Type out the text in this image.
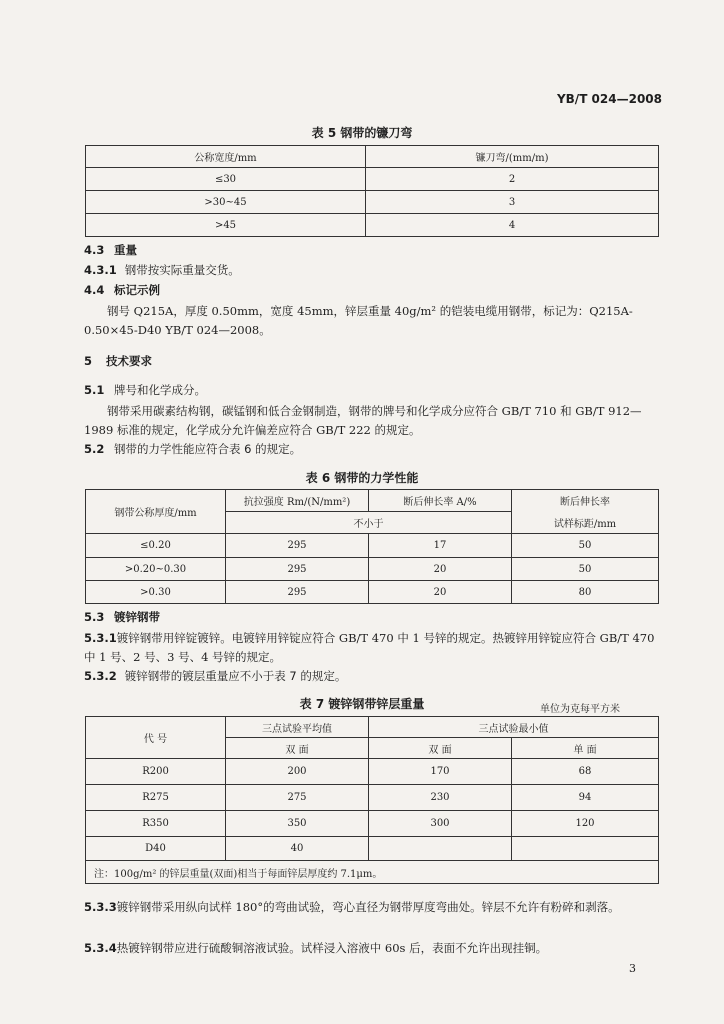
YB/T 024—2008
表 5 钢带的镰刀弯
公称宽度/mm	镰刀弯/(mm/m)
≤30	2
>30~45	3
>45	4
4.3 重量
4.3.1 钢带按实际重量交货。
4.4 标记示例
钢号 Q215A，厚度 0.50mm，宽度 45mm，锌层重量 40g/m² 的铠装电缆用钢带，标记为：Q215A-0.50×45-D40 YB/T 024—2008。
5 技术要求
5.1 牌号和化学成分。
钢带采用碳素结构钢，碳锰钢和低合金钢制造，钢带的牌号和化学成分应符合 GB/T 710 和 GB/T 912—1989 标准的规定，化学成分允许偏差应符合 GB/T 222 的规定。
5.2 钢带的力学性能应符合表 6 的规定。
表 6 钢带的力学性能
钢带公称厚度/mm	抗拉强度 Rm/(N/mm²)	断后伸长率 A/%	断后伸长率
	不小于		试样标距/mm
≤0.20	295	17	50
>0.20~0.30	295	20	50
>0.30	295	20	80
5.3 镀锌钢带
5.3.1镀锌钢带用锌锭镀锌。电镀锌用锌锭应符合 GB/T 470 中 1 号锌的规定。热镀锌用锌锭应符合 GB/T 470 中 1 号、2 号、3 号、4 号锌的规定。
5.3.2 镀锌钢带的镀层重量应不小于表 7 的规定。
表 7 镀锌钢带锌层重量	单位为克每平方米
代 号	三点试验平均值	三点试验最小值	
	双 面	双 面	单 面
R200	200	170	68
R275	275	230	94
R350	350	300	120
D40	40		
注：100g/m² 的锌层重量(双面)相当于每面锌层厚度约 7.1μm。			
5.3.3镀锌钢带采用纵向试样 180°的弯曲试验，弯心直径为钢带厚度弯曲处。锌层不允许有粉碎和剥落。
5.3.4热镀锌钢带应进行硫酸铜溶液试验。试样浸入溶液中 60s 后，表面不允许出现挂铜。
3
